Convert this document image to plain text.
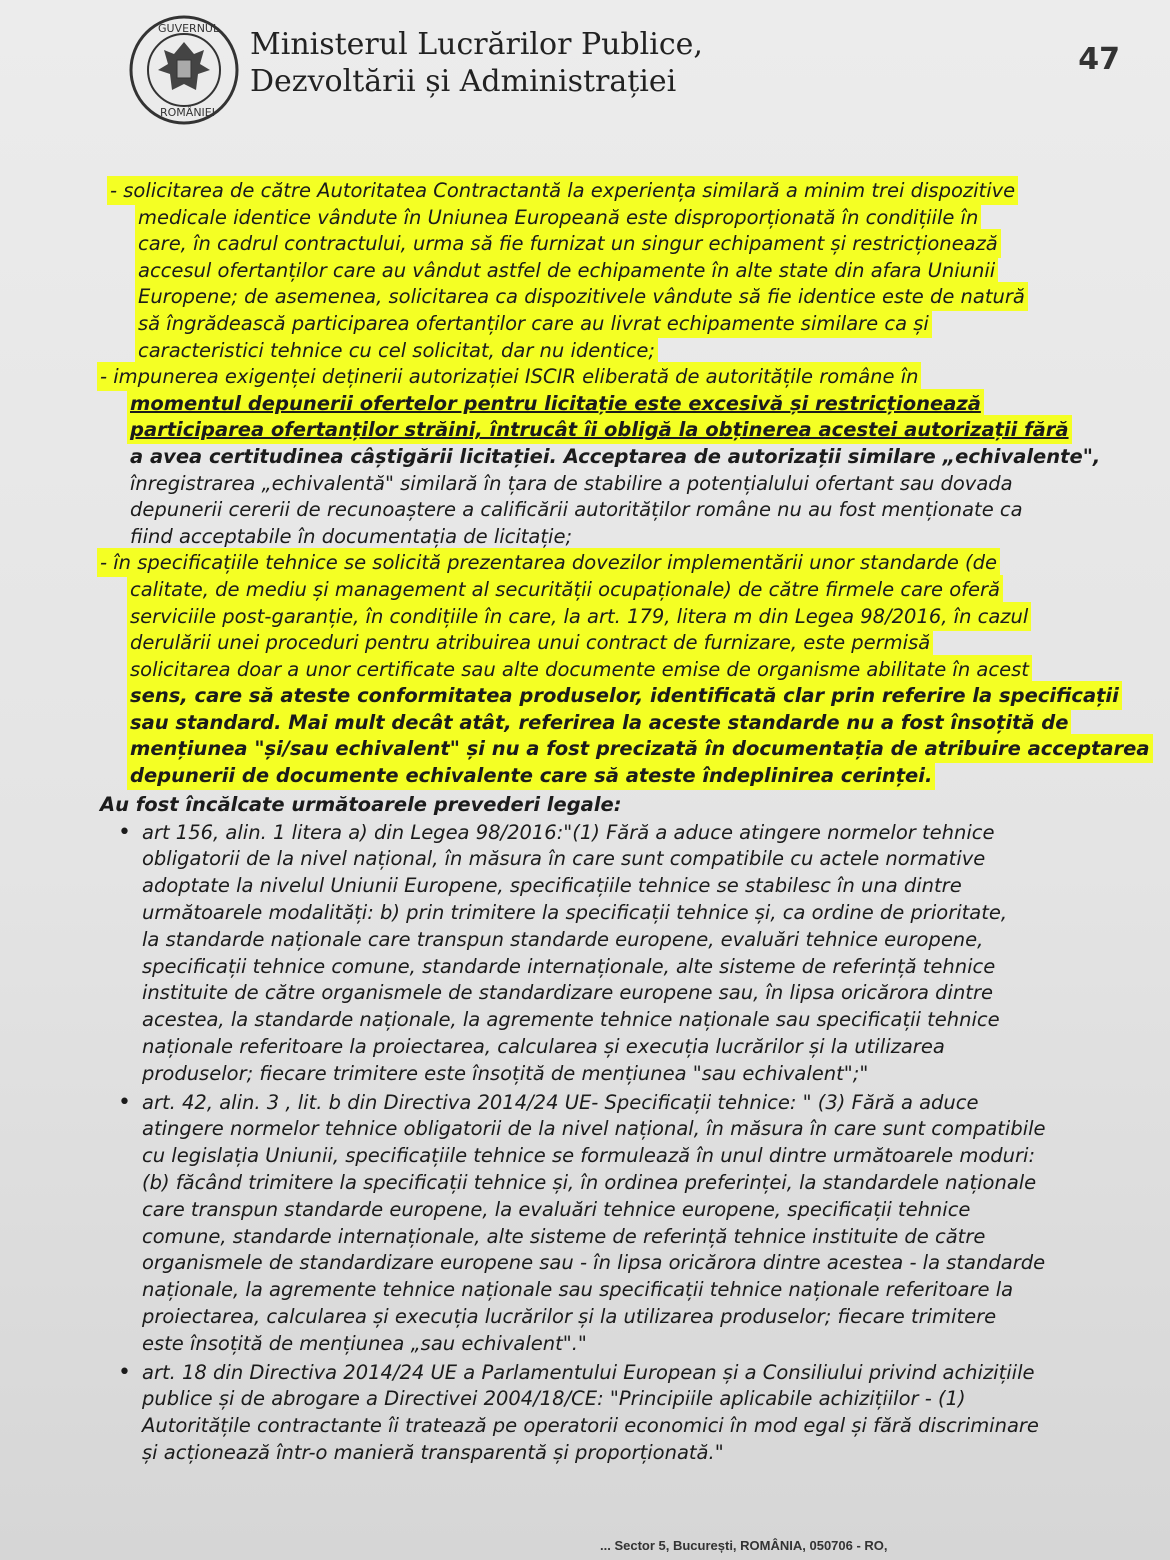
GUVERNUL
ROMÂNIEI
Ministerul Lucrărilor Publice,
Dezvoltării și Administrației
47
- solicitarea de către Autoritatea Contractantă la experiența similară a minim trei dispozitive
medicale identice vândute în Uniunea Europeană este disproporționată în condițiile în
care, în cadrul contractului, urma să fie furnizat un singur echipament și restricționează
accesul ofertanților care au vândut astfel de echipamente în alte state din afara Uniunii
Europene; de asemenea, solicitarea ca dispozitivele vândute să fie identice este de natură
să îngrădească participarea ofertanților care au livrat echipamente similare ca și
caracteristici tehnice cu cel solicitat, dar nu identice;
- impunerea exigenței deținerii autorizației ISCIR eliberată de autoritățile române în
momentul depunerii ofertelor pentru licitație este excesivă și restricționează
participarea ofertanților străini, întrucât îi obligă la obținerea acestei autorizații fără
a avea certitudinea câștigării licitației. Acceptarea de autorizații similare „echivalente",
înregistrarea „echivalentă" similară în țara de stabilire a potențialului ofertant sau dovada
depunerii cererii de recunoaștere a calificării autorităților române nu au fost menționate ca
fiind acceptabile în documentația de licitație;
- în specificațiile tehnice se solicită prezentarea dovezilor implementării unor standarde (de
calitate, de mediu și management al securității ocupaționale) de către firmele care oferă
serviciile post-garanție, în condițiile în care, la art. 179, litera m din Legea 98/2016, în cazul
derulării unei proceduri pentru atribuirea unui contract de furnizare, este permisă
solicitarea doar a unor certificate sau alte documente emise de organisme abilitate în acest
sens, care să ateste conformitatea produselor, identificată clar prin referire la specificații
sau standard. Mai mult decât atât, referirea la aceste standarde nu a fost însoțită de
mențiunea "și/sau echivalent" și nu a fost precizată în documentația de atribuire acceptarea
depunerii de documente echivalente care să ateste îndeplinirea cerinței.
Au fost încălcate următoarele prevederi legale:
• art 156, alin. 1 litera a) din Legea 98/2016:"(1) Fără a aduce atingere normelor tehnice
obligatorii de la nivel național, în măsura în care sunt compatibile cu actele normative
adoptate la nivelul Uniunii Europene, specificațiile tehnice se stabilesc în una dintre
următoarele modalități: b) prin trimitere la specificații tehnice și, ca ordine de prioritate,
la standarde naționale care transpun standarde europene, evaluări tehnice europene,
specificații tehnice comune, standarde internaționale, alte sisteme de referință tehnice
instituite de către organismele de standardizare europene sau, în lipsa oricărora dintre
acestea, la standarde naționale, la agremente tehnice naționale sau specificații tehnice
naționale referitoare la proiectarea, calcularea și execuția lucrărilor și la utilizarea
produselor; fiecare trimitere este însoțită de mențiunea "sau echivalent";"
• art. 42, alin. 3 , lit. b din Directiva 2014/24 UE- Specificații tehnice: " (3) Fără a aduce
atingere normelor tehnice obligatorii de la nivel național, în măsura în care sunt compatibile
cu legislația Uniunii, specificațiile tehnice se formulează în unul dintre următoarele moduri:
(b) făcând trimitere la specificații tehnice și, în ordinea preferinței, la standardele naționale
care transpun standarde europene, la evaluări tehnice europene, specificații tehnice
comune, standarde internaționale, alte sisteme de referință tehnice instituite de către
organismele de standardizare europene sau - în lipsa oricărora dintre acestea - la standarde
naționale, la agremente tehnice naționale sau specificații tehnice naționale referitoare la
proiectarea, calcularea și execuția lucrărilor și la utilizarea produselor; fiecare trimitere
este însoțită de mențiunea „sau echivalent"."
• art. 18 din Directiva 2014/24 UE a Parlamentului European și a Consiliului privind achizițiile
publice și de abrogare a Directivei 2004/18/CE: "Principiile aplicabile achizițiilor - (1)
Autoritățile contractante îi tratează pe operatorii economici în mod egal și fără discriminare
și acționează într-o manieră transparentă și proporționată."
... Sector 5, București, ROMÂNIA, 050706 - RO,
